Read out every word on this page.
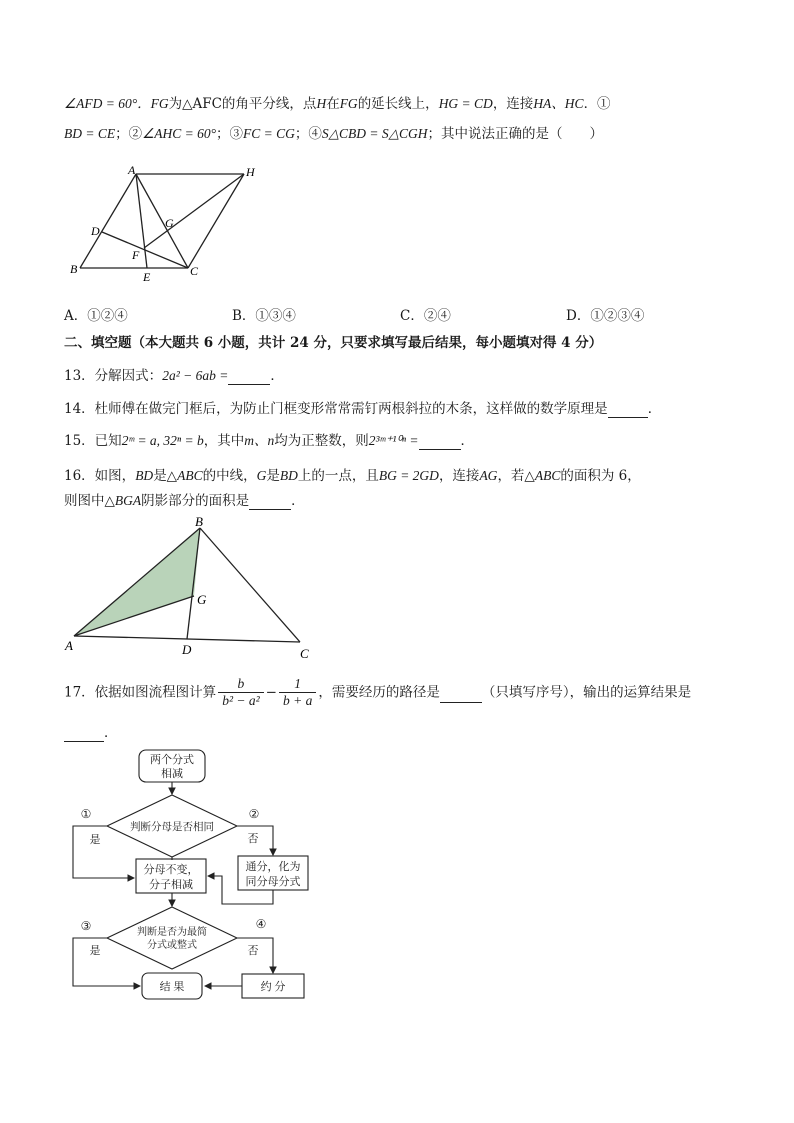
∠AFD = 60°．FG为△AFC的角平分线，点H在FG的延长线上，HG = CD，连接HA、HC．①
BD = CE；②∠AHC = 60°；③FC = CG；④S△CBD = S△CGH；其中说法正确的是（　　）
A	H
D
G
F
B
E	C
A．①②④	B．①③④	C．②④	D．①②③④
二、填空题（本大题共 6 小题，共计 24 分，只要求填写最后结果，每小题填对得 4 分）
13．分解因式：2a² − 6ab =	．
14．杜师傅在做完门框后，为防止门框变形常常需钉两根斜拉的木条，这样做的数学原理是	．
15．已知2ᵐ = a, 32ⁿ = b，其中m、n均为正整数，则2³ᵐ⁺¹⁰ⁿ =	．
16．如图，BD是△ABC的中线，G是BD上的一点，且BG = 2GD，连接AG，若△ABC的面积为 6，
则图中△BGA阴影部分的面积是	．
B
G
A	D	C
17．依据如图流程图计算 $\frac{b}{\text{b² − a²}} - \frac{1}{b + a}$ ，需要经历的路径是	（只填写序号），输出的运算结果是
．
两个分式
相减
判断分母是否相同
分母不变，
分子相减
通分，化为
同分母分式
判断是否为最简
分式或整式
结 果	约 分
是	否
是	否
①	②
③	④
